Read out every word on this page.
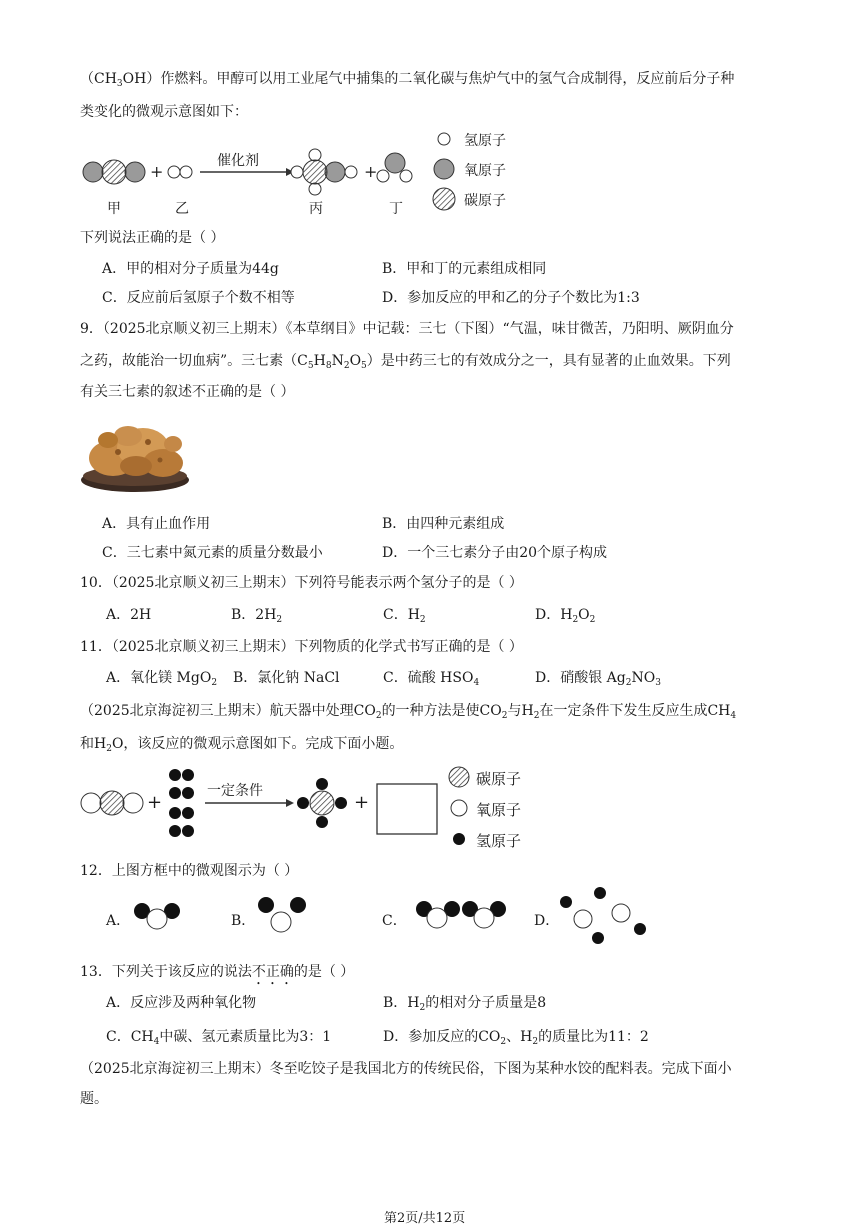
$(CH_3OH)$作燃料。甲醇可以用工业尾气中捕集的二氧化碳与焦炉气中的氢气合成制得，反应前后分子种
类变化的微观示意图如下：
催化剂
+	+
甲	乙	丙	丁
氢原子
氧原子
碳原子
下列说法正确的是（ ）
A．甲的相对分子质量为44g	B．甲和丁的元素组成相同
C．反应前后氢原子个数不相等	D．参加反应的甲和乙的分子个数比为1:3
9．（2025北京顺义初三上期末）《本草纲目》中记载：三七（下图）“气温，味甘微苦，乃阳明、厥阴血分
之药，故能治一切血病”。三七素$(C_5H_8N_2O_5)$是中药三七的有效成分之一，具有显著的止血效果。下列
有关三七素的叙述不正确的是（ ）
A．具有止血作用	B．由四种元素组成
C．三七素中氮元素的质量分数最小	D．一个三七素分子由20个原子构成
10．（2025北京顺义初三上期末）下列符号能表示两个氢分子的是（ ）
A．2H	B．$2H_2$	C．$H_2$	D．$H_2O_2$
11．（2025北京顺义初三上期末）下列物质的化学式书写正确的是（ ）
A．氧化镁 MgO$_2$ B．氯化钠 NaCl	C．硫酸 $HSO_4$	D．硝酸银 $Ag_2NO_3$
（2025北京海淀初三上期末）航天器中处理$CO_2$的一种方法是使$CO_2$与$H_2$在一定条件下发生反应生成$CH_4$
和$H_2O$，该反应的微观示意图如下。完成下面小题。
一定条件
+	+
碳原子
氧原子
氢原子
12．上图方框中的微观图示为（ ）
A．	B．	C．	D．
13．下列关于该反应的说法不正确的是（ ）
A．反应涉及两种氧化物	B．$H_2$的相对分子质量是8
C．$CH_4$中碳、氢元素质量比为3：1	D．参加反应的$CO_2$、$H_2$的质量比为11：2
（2025北京海淀初三上期末）冬至吃饺子是我国北方的传统民俗，下图为某种水饺的配料表。完成下面小
题。
第2页/共12页
